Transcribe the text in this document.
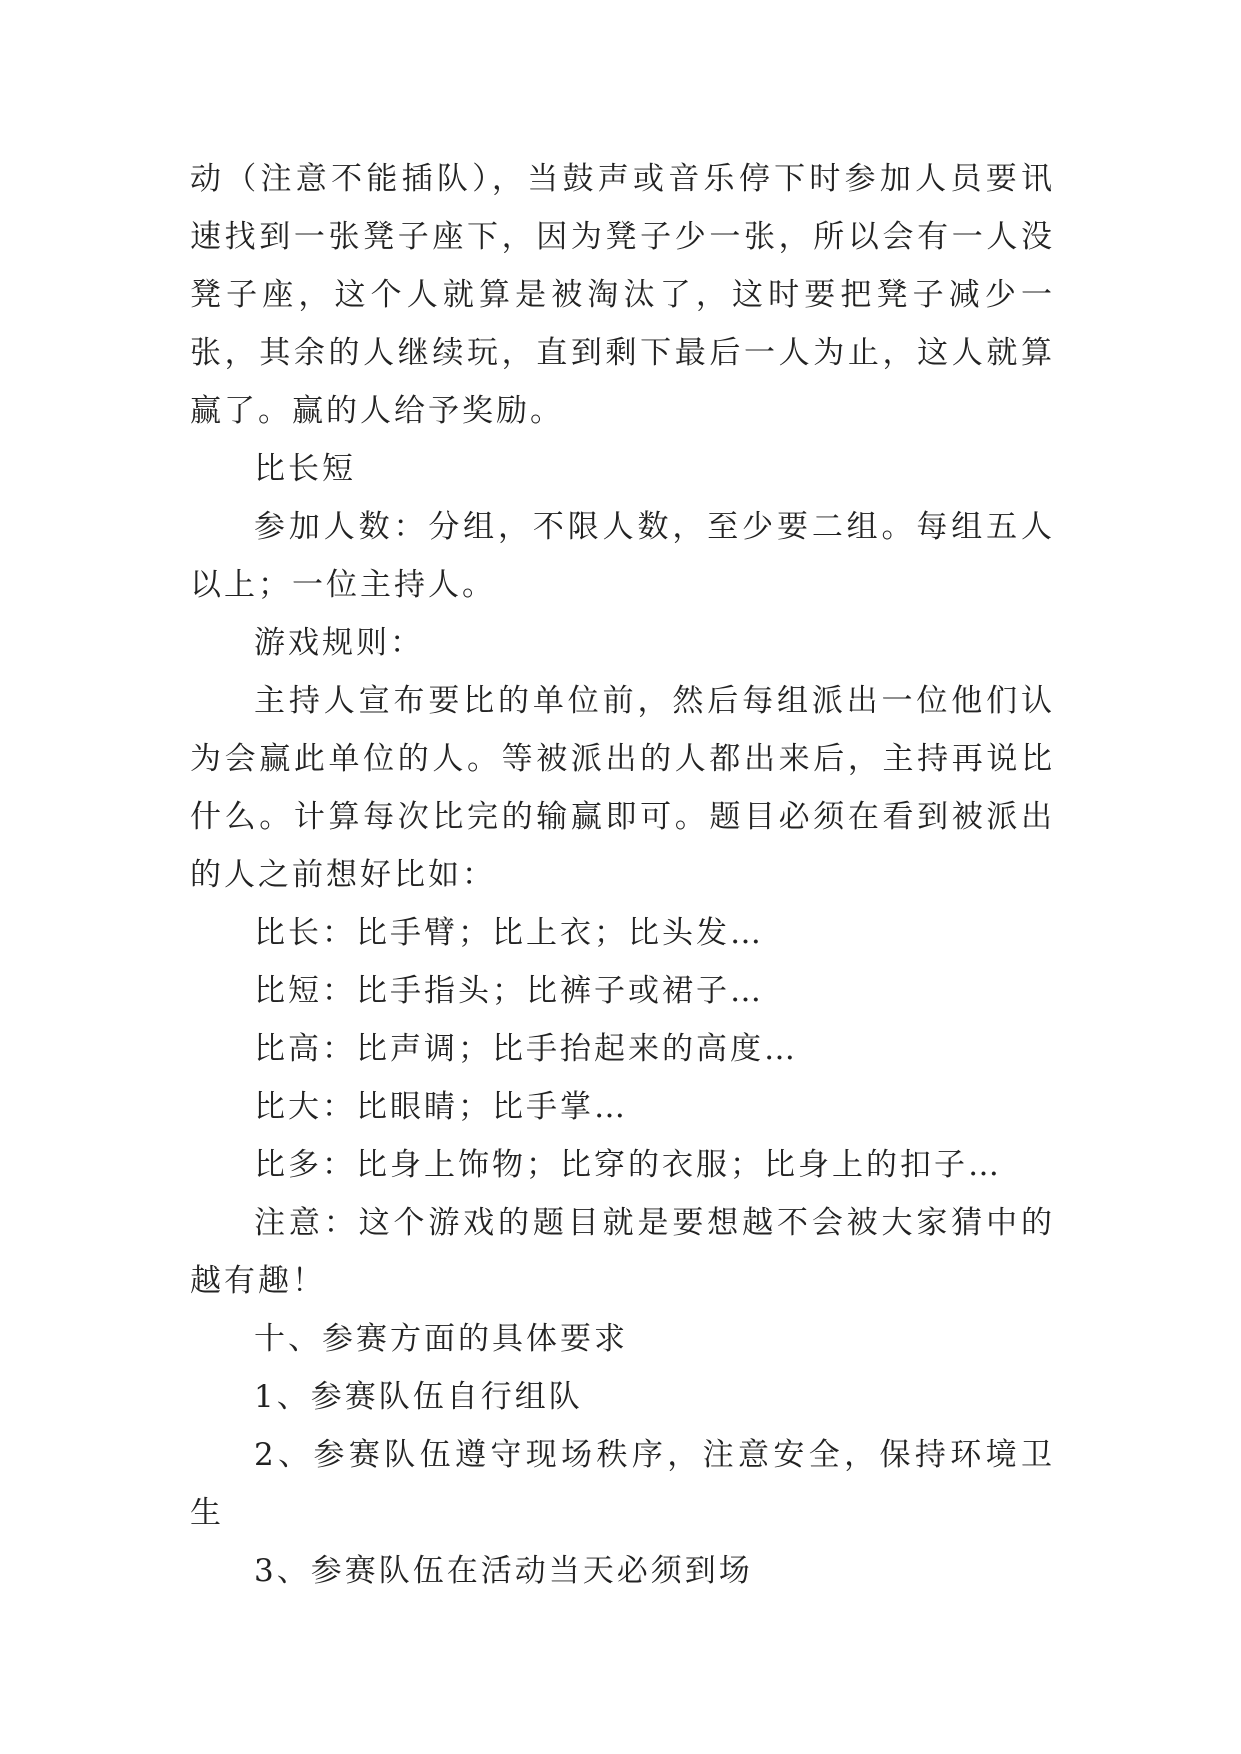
动（注意不能插队），当鼓声或音乐停下时参加人员要讯速找到一张凳子座下，因为凳子少一张，所以会有一人没凳子座，这个人就算是被淘汰了，这时要把凳子减少一张，其余的人继续玩，直到剩下最后一人为止，这人就算赢了。赢的人给予奖励。

比长短

参加人数：分组，不限人数，至少要二组。每组五人以上；一位主持人。

游戏规则：

主持人宣布要比的单位前，然后每组派出一位他们认为会赢此单位的人。等被派出的人都出来后，主持再说比什么。计算每次比完的输赢即可。题目必须在看到被派出的人之前想好比如：

比长：比手臂；比上衣；比头发…

比短：比手指头；比裤子或裙子…

比高：比声调；比手抬起来的高度…

比大：比眼睛；比手掌…

比多：比身上饰物；比穿的衣服；比身上的扣子…

注意：这个游戏的题目就是要想越不会被大家猜中的越有趣！

十、参赛方面的具体要求

1、参赛队伍自行组队

2、参赛队伍遵守现场秩序，注意安全，保持环境卫生

3、参赛队伍在活动当天必须到场
